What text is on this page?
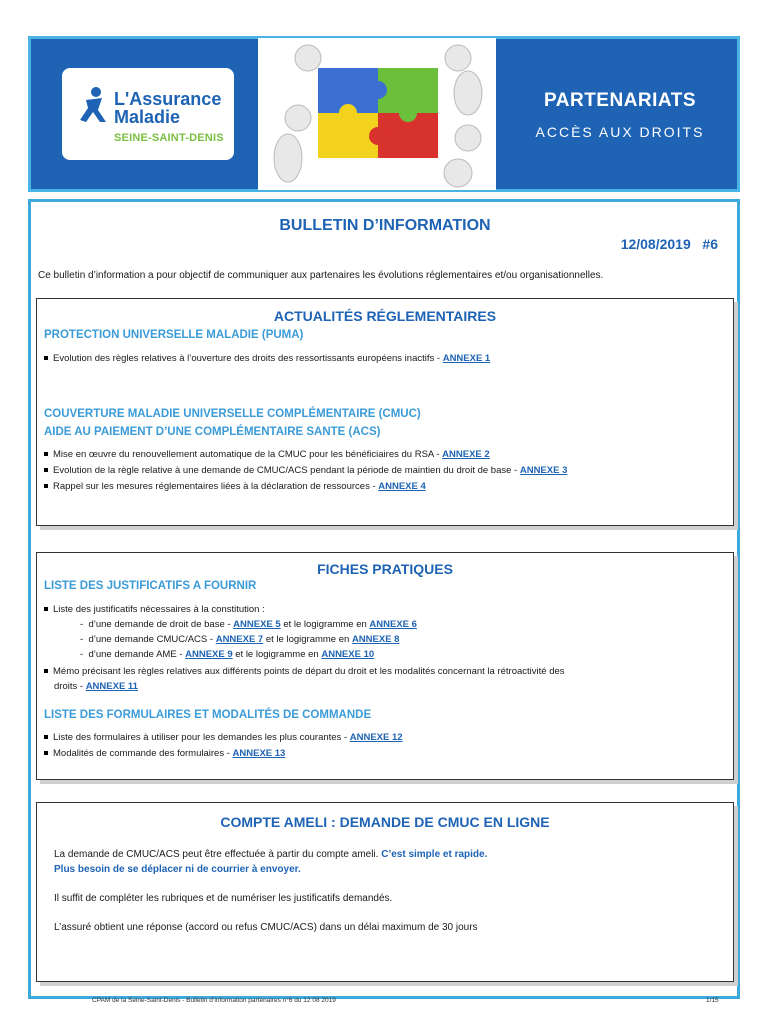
L'Assurance
Maladie
SEINE-SAINT-DENIS
PARTENARIATS
ACCÈS AUX DROITS
BULLETIN D’INFORMATION
12/08/2019   #6
Ce bulletin d’information a pour objectif de communiquer aux partenaires les évolutions réglementaires et/ou organisationnelles.
ACTUALITÉS RÉGLEMENTAIRES
PROTECTION UNIVERSELLE MALADIE (PUMA)
Evolution des règles relatives à l’ouverture des droits des ressortissants européens inactifs - ANNEXE 1
COUVERTURE MALADIE UNIVERSELLE COMPLÉMENTAIRE (CMUC)
AIDE AU PAIEMENT D’UNE COMPLÉMENTAIRE SANTE (ACS)
Mise en œuvre du renouvellement automatique de la CMUC pour les bénéficiaires du RSA - ANNEXE 2
Evolution de la règle relative à une demande de CMUC/ACS pendant la période de maintien du droit de base - ANNEXE 3
Rappel sur les mesures réglementaires liées à la déclaration de ressources - ANNEXE 4
FICHES PRATIQUES
LISTE DES JUSTIFICATIFS A FOURNIR
Liste des justificatifs nécessaires à la constitution :
-  d’une demande de droit de base - ANNEXE 5 et le logigramme en ANNEXE 6
-  d’une demande CMUC/ACS - ANNEXE 7 et le logigramme en ANNEXE 8
-  d’une demande AME - ANNEXE 9 et le logigramme en ANNEXE 10
Mémo précisant les règles relatives aux différents points de départ du droit et les modalités concernant la rétroactivité des
droits - ANNEXE 11
LISTE DES FORMULAIRES ET MODALITÉS DE COMMANDE
Liste des formulaires à utiliser pour les demandes les plus courantes - ANNEXE 12
Modalités de commande des formulaires - ANNEXE 13
COMPTE AMELI : DEMANDE DE CMUC EN LIGNE
La demande de CMUC/ACS peut être effectuée à partir du compte ameli. C’est simple et rapide.
Plus besoin de se déplacer ni de courrier à envoyer.
Il suffit de compléter les rubriques et de numériser les justificatifs demandés.
L’assuré obtient une réponse (accord ou refus CMUC/ACS) dans un délai maximum de 30 jours
CPAM de la Seine-Saint-Denis - Bulletin d’information partenaires n°6 du 12 08 2019	1/15
